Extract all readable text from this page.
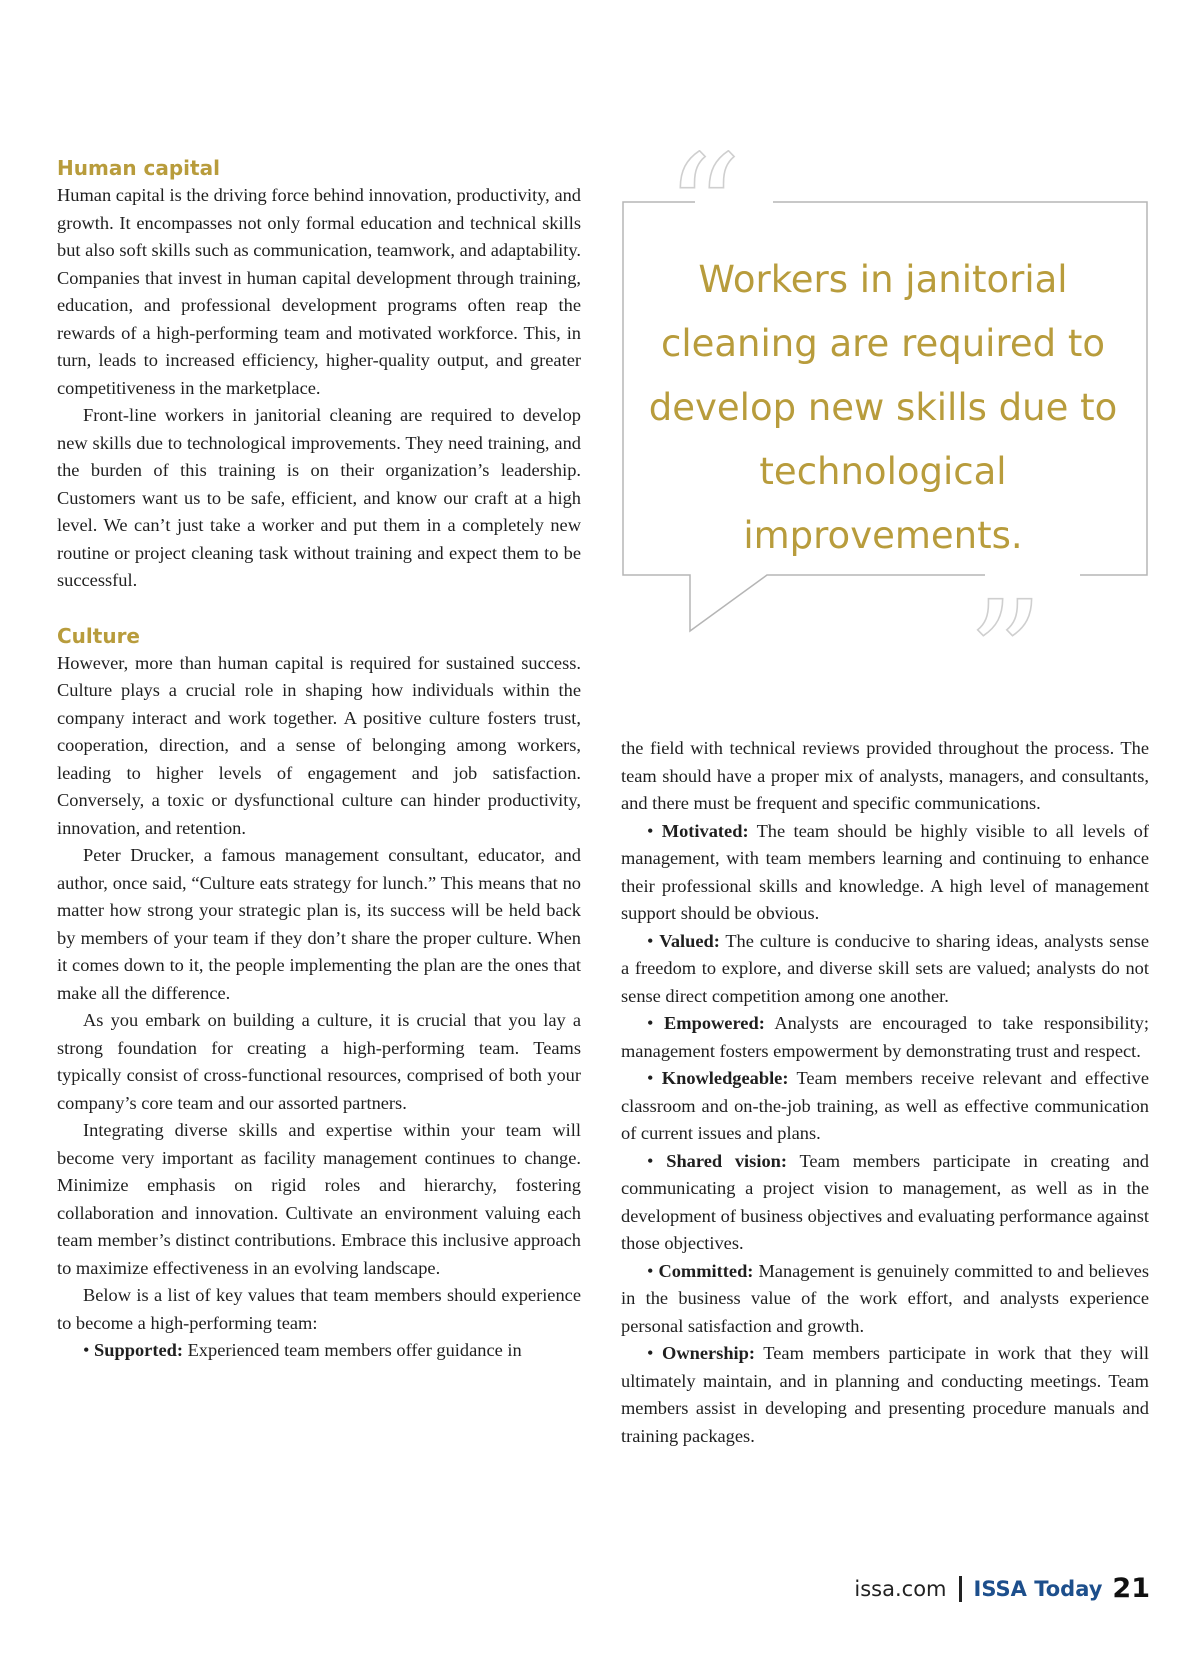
Human capital

Human capital is the driving force behind innovation, productivity, and growth. It encompasses not only formal education and technical skills but also soft skills such as communication, teamwork, and adaptability. Companies that invest in human capital development through training, education, and professional development programs often reap the rewards of a high-performing team and motivated workforce. This, in turn, leads to increased efficiency, higher-quality output, and greater competitiveness in the marketplace.

Front-line workers in janitorial cleaning are required to develop new skills due to technological improvements. They need training, and the burden of this training is on their organization’s leadership. Customers want us to be safe, efficient, and know our craft at a high level. We can’t just take a worker and put them in a completely new routine or project cleaning task without training and expect them to be successful.

Culture

However, more than human capital is required for sustained success. Culture plays a crucial role in shaping how individuals within the company interact and work together. A positive culture fosters trust, cooperation, direction, and a sense of belonging among workers, leading to higher levels of engagement and job satisfaction. Conversely, a toxic or dysfunctional culture can hinder productivity, innovation, and retention.

Peter Drucker, a famous management consultant, educator, and author, once said, “Culture eats strategy for lunch.” This means that no matter how strong your strategic plan is, its success will be held back by members of your team if they don’t share the proper culture. When it comes down to it, the people implementing the plan are the ones that make all the difference.

As you embark on building a culture, it is crucial that you lay a strong foundation for creating a high-performing team. Teams typically consist of cross-functional resources, comprised of both your company’s core team and our assorted partners.

Integrating diverse skills and expertise within your team will become very important as facility management continues to change. Minimize emphasis on rigid roles and hierarchy, fostering collaboration and innovation. Cultivate an environment valuing each team member’s distinct contributions. Embrace this inclusive approach to maximize effectiveness in an evolving landscape.

Below is a list of key values that team members should experience to become a high-performing team:

• Supported: Experienced team members offer guidance in

“
”
Workers in janitorial cleaning are required to develop new skills due to technological improvements.

the field with technical reviews provided throughout the process. The team should have a proper mix of analysts, managers, and consultants, and there must be frequent and specific communications.

• Motivated: The team should be highly visible to all levels of management, with team members learning and continuing to enhance their professional skills and knowledge. A high level of management support should be obvious.

• Valued: The culture is conducive to sharing ideas, analysts sense a freedom to explore, and diverse skill sets are valued; analysts do not sense direct competition among one another.

• Empowered: Analysts are encouraged to take responsibility; management fosters empowerment by demonstrating trust and respect.

• Knowledgeable: Team members receive relevant and effective classroom and on-the-job training, as well as effective communication of current issues and plans.

• Shared vision: Team members participate in creating and communicating a project vision to management, as well as in the development of business objectives and evaluating performance against those objectives.

• Committed: Management is genuinely committed to and believes in the business value of the work effort, and analysts experience personal satisfaction and growth.

• Ownership: Team members participate in work that they will ultimately maintain, and in planning and conducting meetings. Team members assist in developing and presenting procedure manuals and training packages.

issa.com ISSA Today 21
